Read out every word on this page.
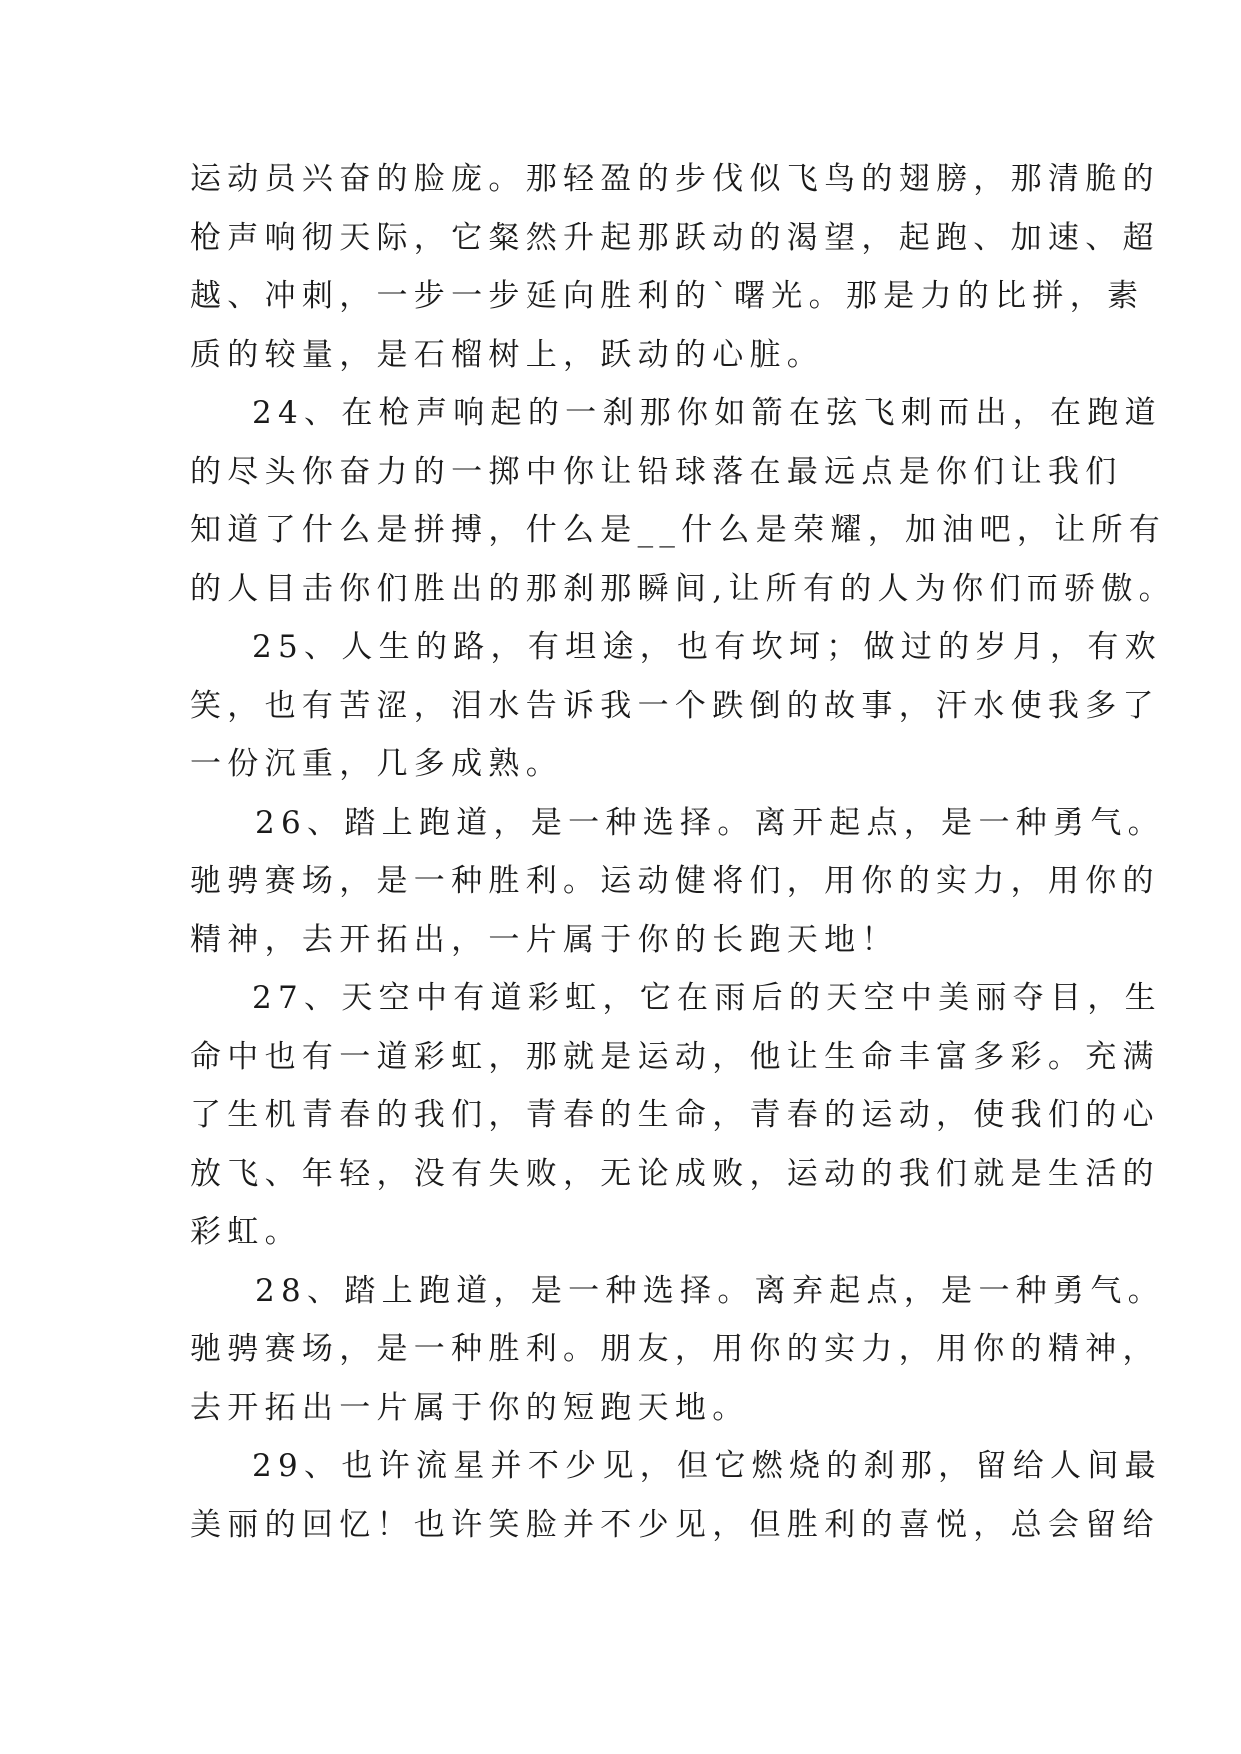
运动员兴奋的脸庞。那轻盈的步伐似飞鸟的翅膀，那清脆的
枪声响彻天际，它粲然升起那跃动的渴望，起跑、加速、超
越、冲刺，一步一步延向胜利的`曙光。那是力的比拼，素
质的较量，是石榴树上，跃动的心脏。
24、在枪声响起的一刹那你如箭在弦飞刺而出，在跑道
的尽头你奋力的一掷中你让铅球落在最远点是你们让我们
知道了什么是拼搏，什么是__什么是荣耀，加油吧，让所有
的人目击你们胜出的那刹那瞬间,让所有的人为你们而骄傲。
25、人生的路，有坦途，也有坎坷；做过的岁月，有欢
笑，也有苦涩，泪水告诉我一个跌倒的故事，汗水使我多了
一份沉重，几多成熟。
26、踏上跑道，是一种选择。离开起点，是一种勇气。
驰骋赛场，是一种胜利。运动健将们，用你的实力，用你的
精神，去开拓出，一片属于你的长跑天地！
27、天空中有道彩虹，它在雨后的天空中美丽夺目，生
命中也有一道彩虹，那就是运动，他让生命丰富多彩。充满
了生机青春的我们，青春的生命，青春的运动，使我们的心
放飞、年轻，没有失败，无论成败，运动的我们就是生活的
彩虹。
28、踏上跑道，是一种选择。离弃起点，是一种勇气。
驰骋赛场，是一种胜利。朋友，用你的实力，用你的精神，
去开拓出一片属于你的短跑天地。
29、也许流星并不少见，但它燃烧的刹那，留给人间最
美丽的回忆！也许笑脸并不少见，但胜利的喜悦，总会留给
